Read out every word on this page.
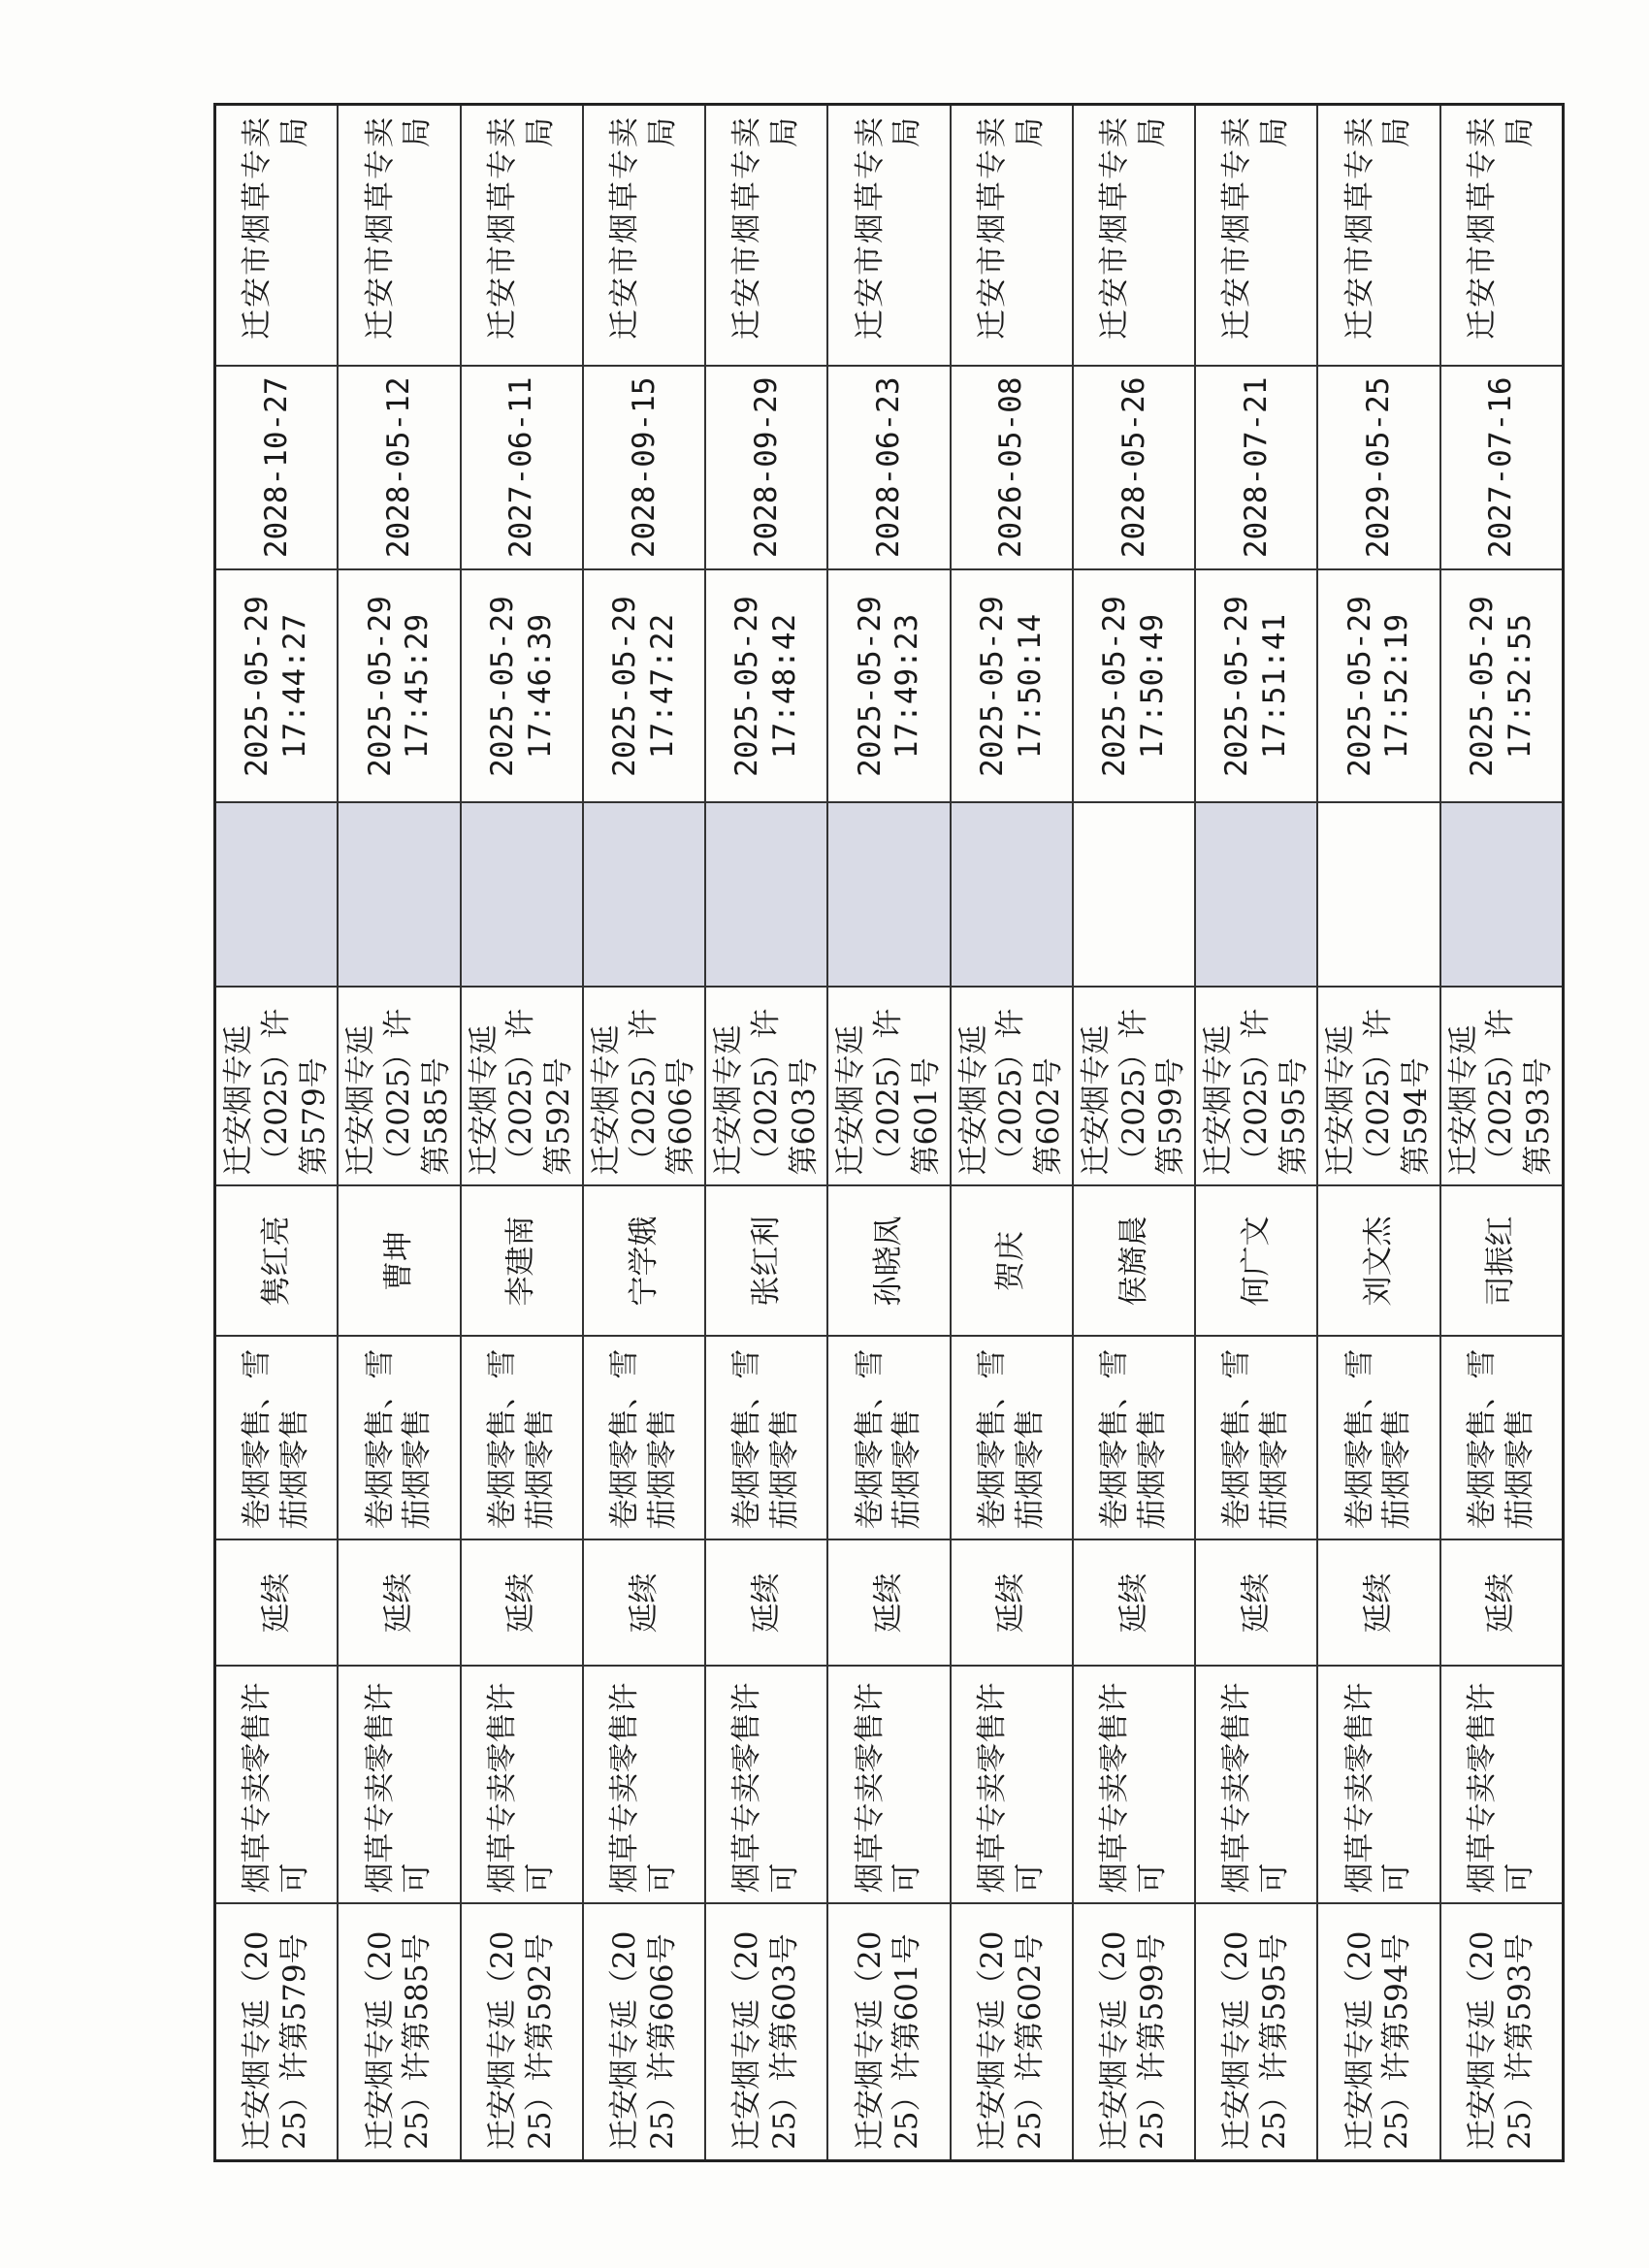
迁安烟专延（2025）许第579号	烟草专卖零售许可	延续	卷烟零售、雪茄烟零售	隽红亮	迁安烟专延（2025）许第579号		2025-05-29 17:44:27	2028-10-27	迁安市烟草专卖局
迁安烟专延（2025）许第585号	烟草专卖零售许可	延续	卷烟零售、雪茄烟零售	曹坤	迁安烟专延（2025）许第585号		2025-05-29 17:45:29	2028-05-12	迁安市烟草专卖局
迁安烟专延（2025）许第592号	烟草专卖零售许可	延续	卷烟零售、雪茄烟零售	李建南	迁安烟专延（2025）许第592号		2025-05-29 17:46:39	2027-06-11	迁安市烟草专卖局
迁安烟专延（2025）许第606号	烟草专卖零售许可	延续	卷烟零售、雪茄烟零售	宁学娥	迁安烟专延（2025）许第606号		2025-05-29 17:47:22	2028-09-15	迁安市烟草专卖局
迁安烟专延（2025）许第603号	烟草专卖零售许可	延续	卷烟零售、雪茄烟零售	张红利	迁安烟专延（2025）许第603号		2025-05-29 17:48:42	2028-09-29	迁安市烟草专卖局
迁安烟专延（2025）许第601号	烟草专卖零售许可	延续	卷烟零售、雪茄烟零售	孙晓凤	迁安烟专延（2025）许第601号		2025-05-29 17:49:23	2028-06-23	迁安市烟草专卖局
迁安烟专延（2025）许第602号	烟草专卖零售许可	延续	卷烟零售、雪茄烟零售	贺庆	迁安烟专延（2025）许第602号		2025-05-29 17:50:14	2026-05-08	迁安市烟草专卖局
迁安烟专延（2025）许第599号	烟草专卖零售许可	延续	卷烟零售、雪茄烟零售	侯旖晨	迁安烟专延（2025）许第599号		2025-05-29 17:50:49	2028-05-26	迁安市烟草专卖局
迁安烟专延（2025）许第595号	烟草专卖零售许可	延续	卷烟零售、雪茄烟零售	何广文	迁安烟专延（2025）许第595号		2025-05-29 17:51:41	2028-07-21	迁安市烟草专卖局
迁安烟专延（2025）许第594号	烟草专卖零售许可	延续	卷烟零售、雪茄烟零售	刘文杰	迁安烟专延（2025）许第594号		2025-05-29 17:52:19	2029-05-25	迁安市烟草专卖局
迁安烟专延（2025）许第593号	烟草专卖零售许可	延续	卷烟零售、雪茄烟零售	司振红	迁安烟专延（2025）许第593号		2025-05-29 17:52:55	2027-07-16	迁安市烟草专卖局
